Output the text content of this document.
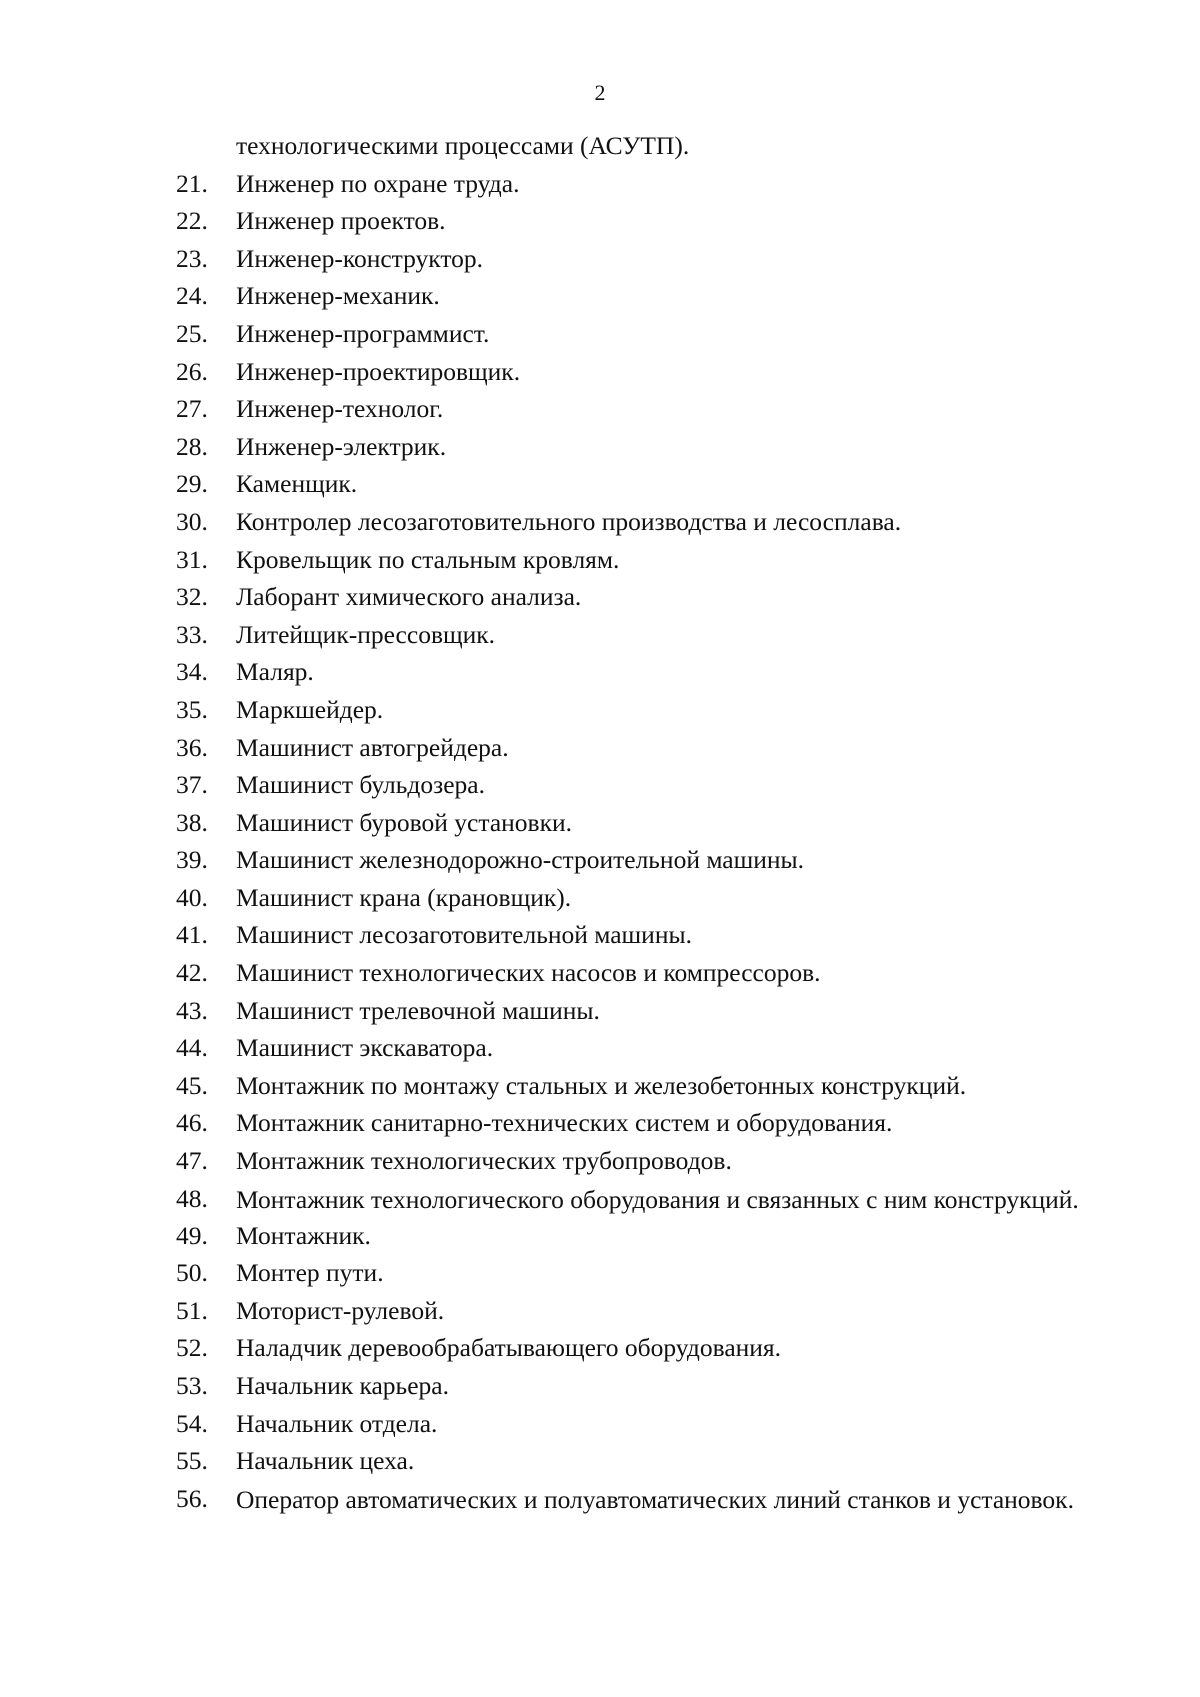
2
технологическими процессами (АСУТП).
21.	Инженер по охране труда.
22.	Инженер проектов.
23.	Инженер-конструктор.
24.	Инженер-механик.
25.	Инженер-программист.
26.	Инженер-проектировщик.
27.	Инженер-технолог.
28.	Инженер-электрик.
29.	Каменщик.
30.	Контролер лесозаготовительного производства и лесосплава.
31.	Кровельщик по стальным кровлям.
32.	Лаборант химического анализа.
33.	Литейщик-прессовщик.
34.	Маляр.
35.	Маркшейдер.
36.	Машинист автогрейдера.
37.	Машинист бульдозера.
38.	Машинист буровой установки.
39.	Машинист железнодорожно-строительной машины.
40.	Машинист крана (крановщик).
41.	Машинист лесозаготовительной машины.
42.	Машинист технологических насосов и компрессоров.
43.	Машинист трелевочной машины.
44.	Машинист экскаватора.
45.	Монтажник по монтажу стальных и железобетонных конструкций.
46.	Монтажник санитарно-технических систем и оборудования.
47.	Монтажник технологических трубопроводов.
48.	Монтажник технологического оборудования и связанных с ним конструкций.
49.	Монтажник.
50.	Монтер пути.
51.	Моторист-рулевой.
52.	Наладчик деревообрабатывающего оборудования.
53.	Начальник карьера.
54.	Начальник отдела.
55.	Начальник цеха.
56.	Оператор автоматических и полуавтоматических линий станков и установок.
